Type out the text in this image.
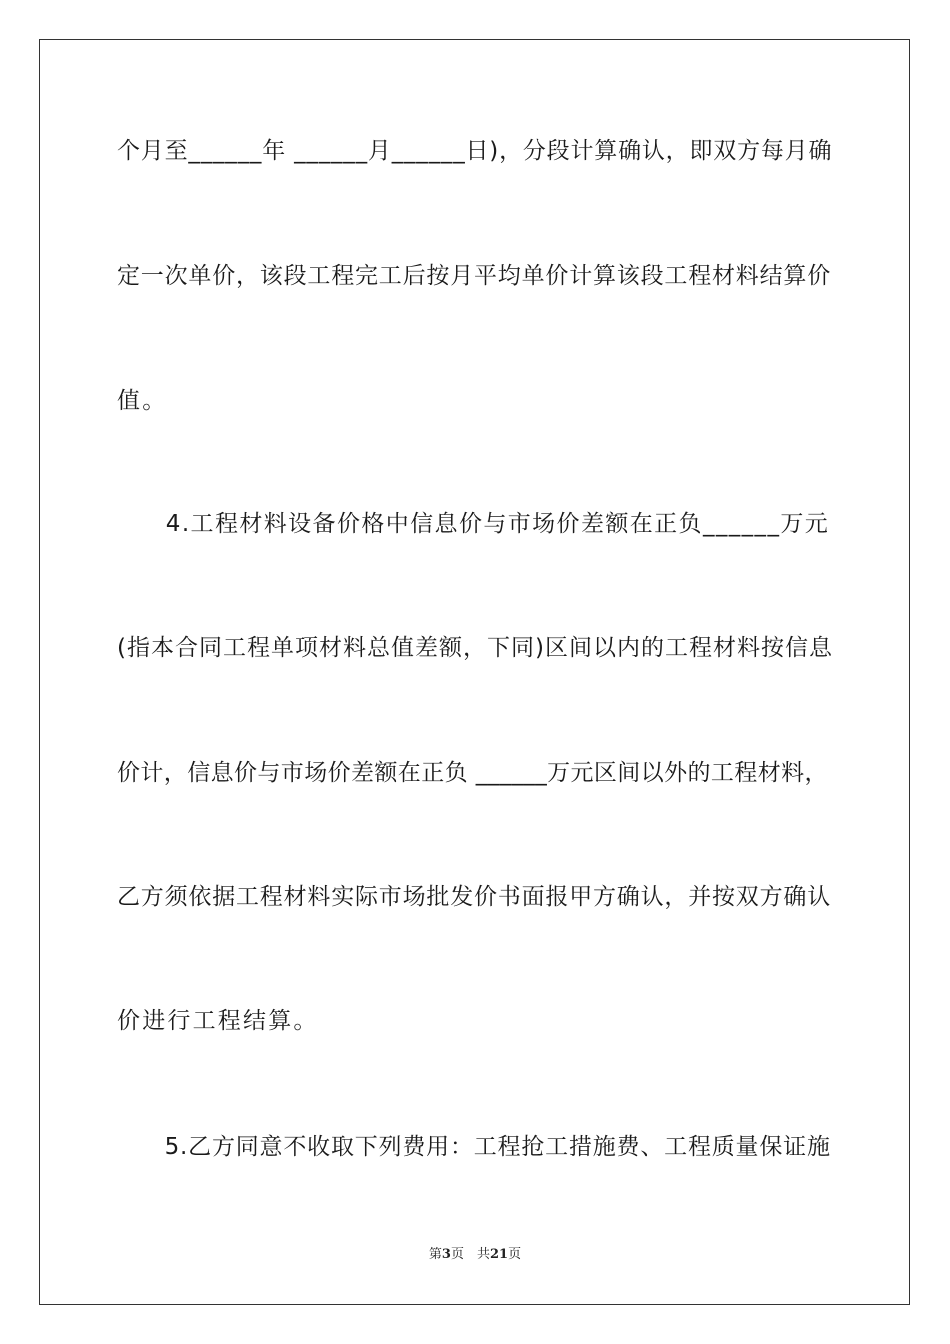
个月至______年 ______月______日)，分段计算确认，即双方每月确
定一次单价，该段工程完工后按月平均单价计算该段工程材料结算价
值。
　　4.工程材料设备价格中信息价与市场价差额在正负______万元
(指本合同工程单项材料总值差额，下同)区间以内的工程材料按信息
价计，信息价与市场价差额在正负 ______万元区间以外的工程材料，
乙方须依据工程材料实际市场批发价书面报甲方确认，并按双方确认
价进行工程结算。
　　5.乙方同意不收取下列费用：工程抢工措施费、工程质量保证施
第3页　共21页
